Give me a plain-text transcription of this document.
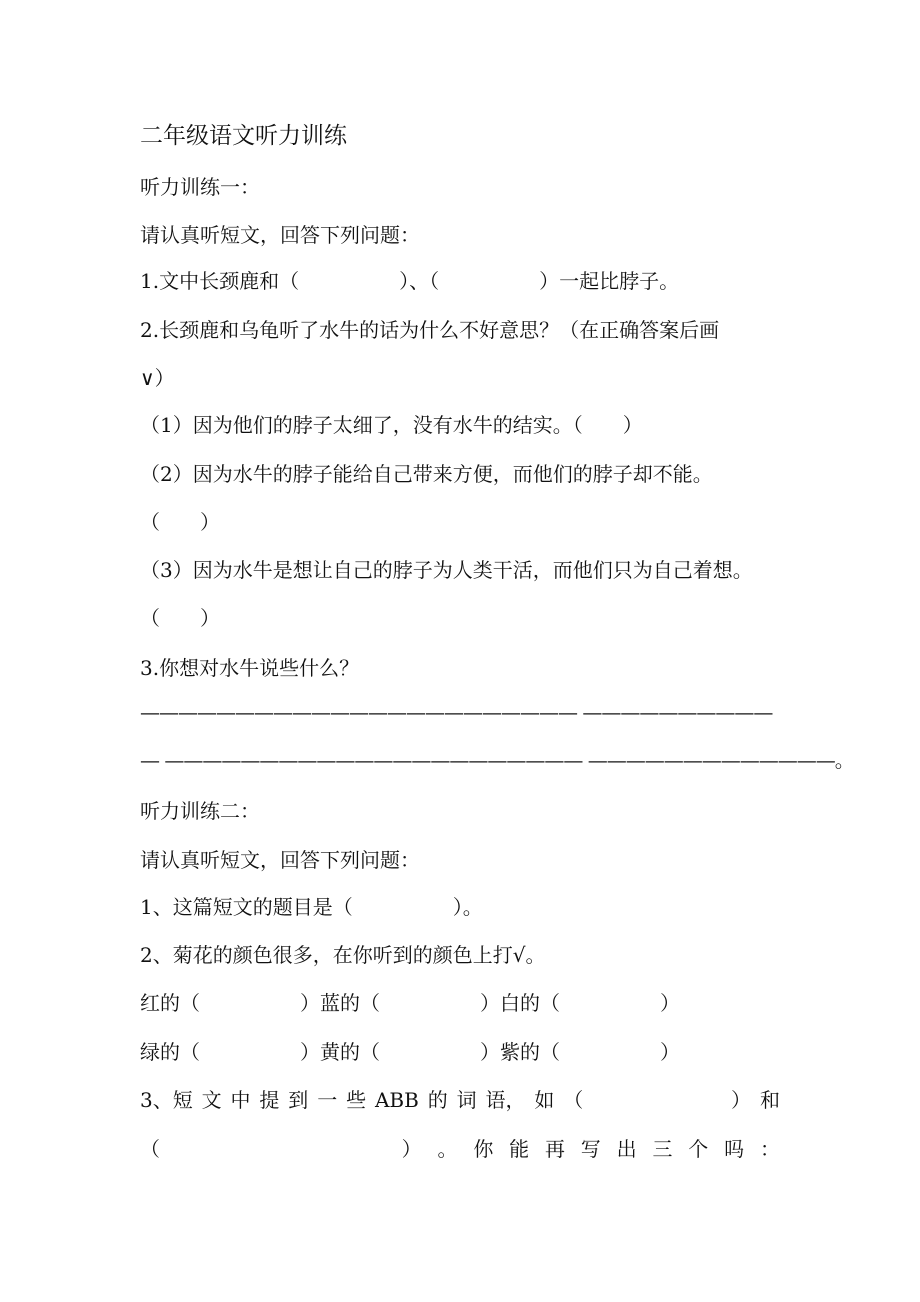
二年级语文听力训练
听力训练一：
请认真听短文，回答下列问题：
1.文中长颈鹿和（　　　　　）、（　　　　　）一起比脖子。
2.长颈鹿和乌龟听了水牛的话为什么不好意思？（在正确答案后画
∨）
（1）因为他们的脖子太细了，没有水牛的结实。（　　）
（2）因为水牛的脖子能给自己带来方便，而他们的脖子却不能。
（　　）
（3）因为水牛是想让自己的脖子为人类干活，而他们只为自己着想。
（　　）
3.你想对水牛说些什么？
——————————————————————— ——————————
— —————————————————————— —————————————。
听力训练二：
请认真听短文，回答下列问题：
1、这篇短文的题目是（　　　　　）。
2、菊花的颜色很多，在你听到的颜色上打√。
红的（　　　　　）蓝的（　　　　　）白的（　　　　　）
绿的（　　　　　）黄的（　　　　　）紫的（　　　　　）
3、短 文 中 提 到 一 些 ABB 的 词 语， 如 （	） 和
（	） 。 你 能 再 写 出 三 个 吗 ：
